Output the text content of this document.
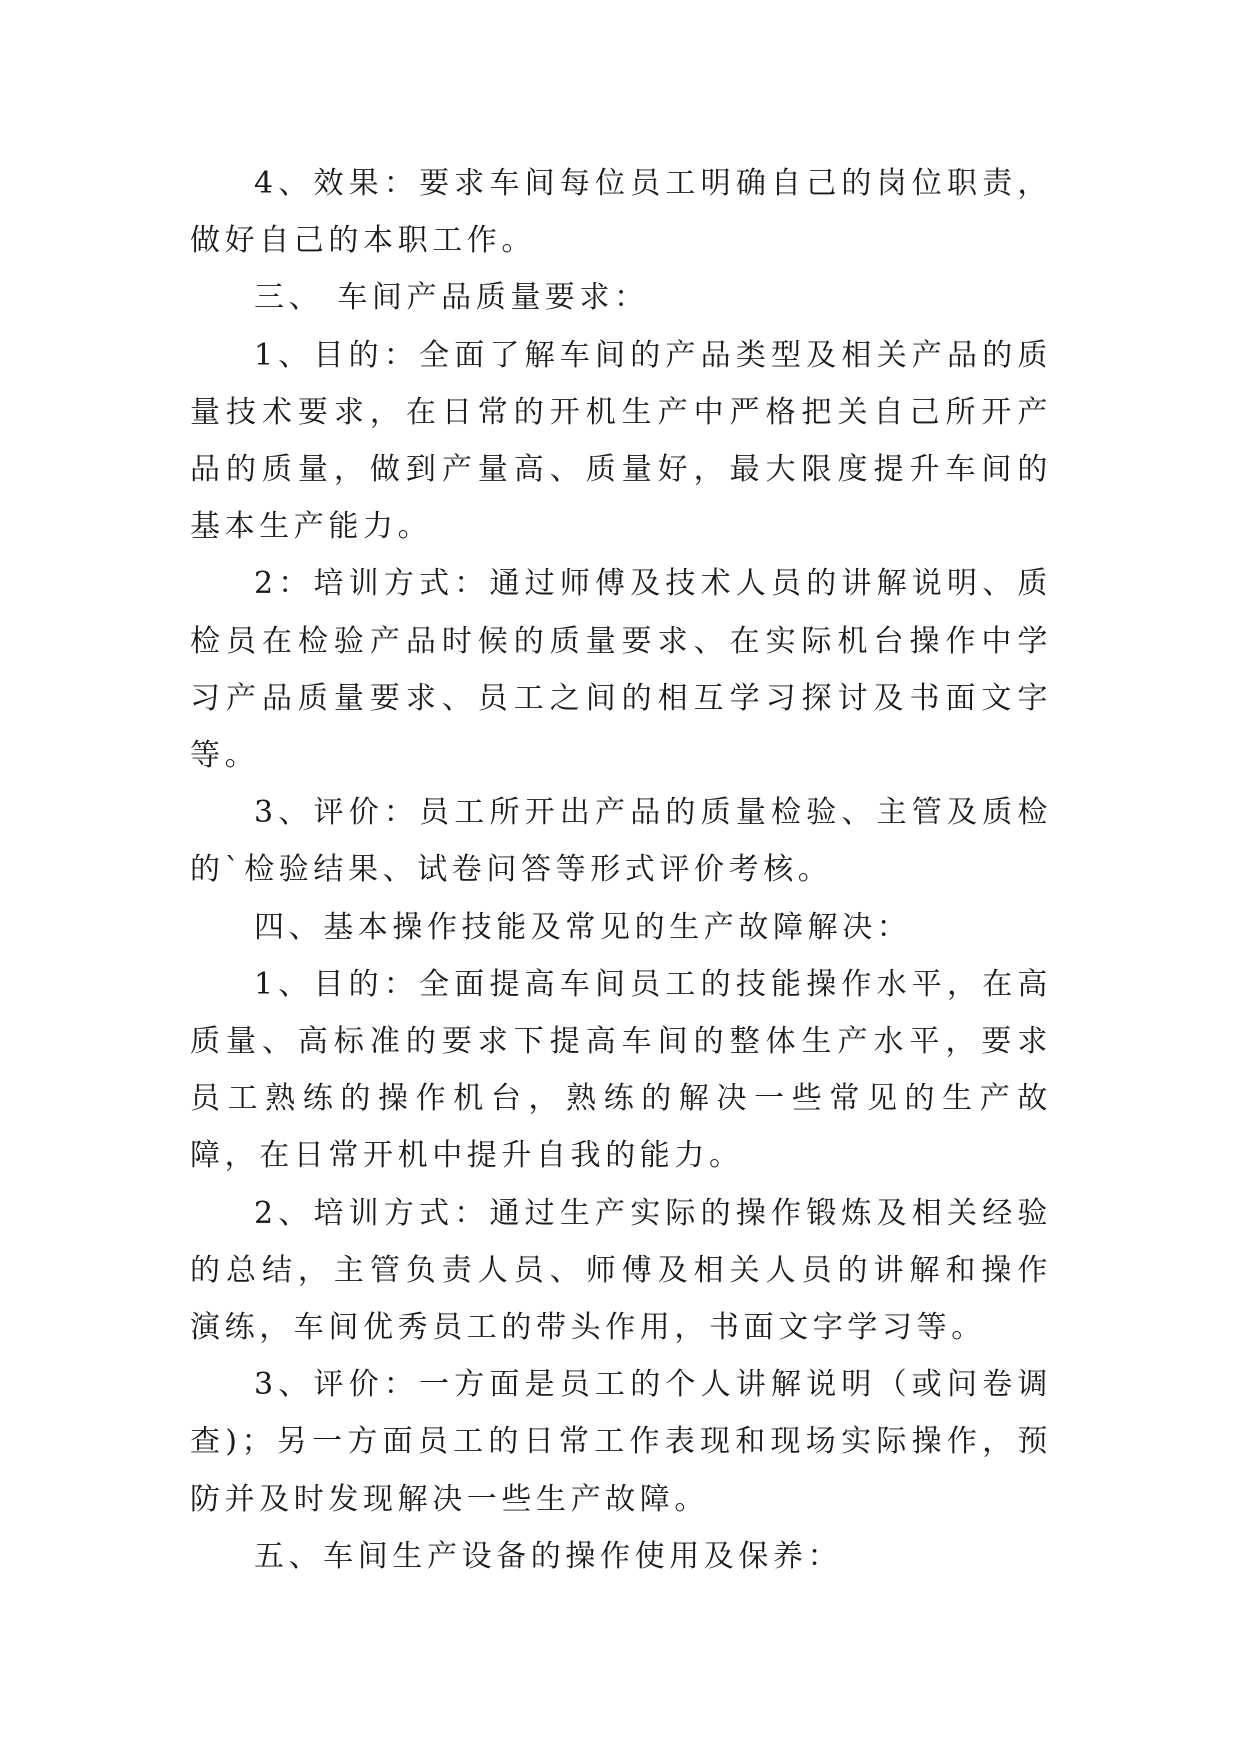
4、效果：要求车间每位员工明确自己的岗位职责，做好自己的本职工作。

三、 车间产品质量要求：

1、目的：全面了解车间的产品类型及相关产品的质量技术要求，在日常的开机生产中严格把关自己所开产品的质量，做到产量高、质量好，最大限度提升车间的基本生产能力。

2：培训方式：通过师傅及技术人员的讲解说明、质检员在检验产品时候的质量要求、在实际机台操作中学习产品质量要求、员工之间的相互学习探讨及书面文字等。

3、评价：员工所开出产品的质量检验、主管及质检的`检验结果、试卷问答等形式评价考核。

四、基本操作技能及常见的生产故障解决：

1、目的：全面提高车间员工的技能操作水平，在高质量、高标准的要求下提高车间的整体生产水平，要求员工熟练的操作机台，熟练的解决一些常见的生产故障，在日常开机中提升自我的能力。

2、培训方式：通过生产实际的操作锻炼及相关经验的总结，主管负责人员、师傅及相关人员的讲解和操作演练，车间优秀员工的带头作用，书面文字学习等。

3、评价：一方面是员工的个人讲解说明（或问卷调查)；另一方面员工的日常工作表现和现场实际操作，预防并及时发现解决一些生产故障。

五、车间生产设备的操作使用及保养：
